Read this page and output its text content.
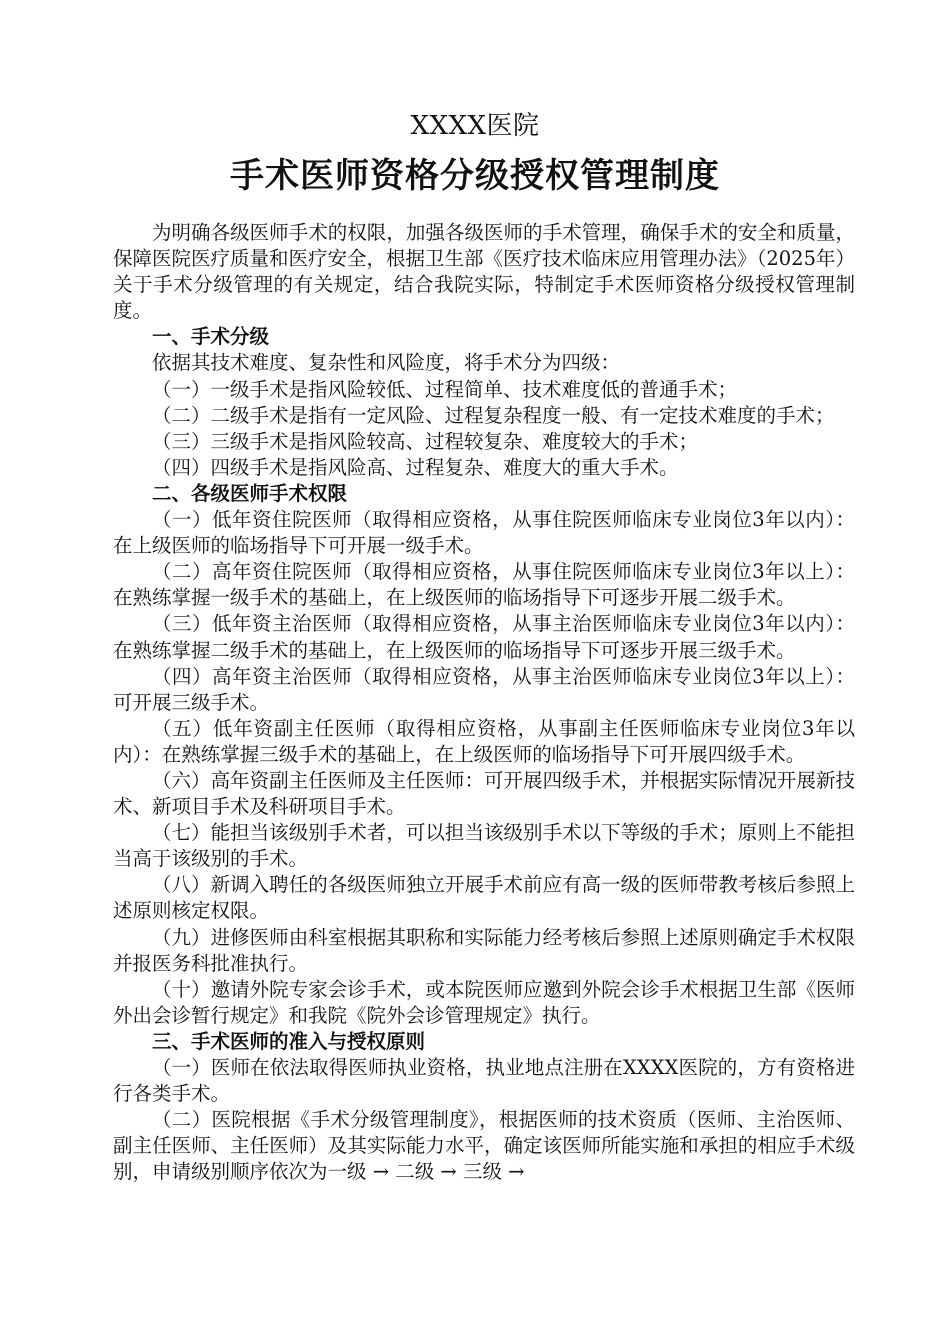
XXXX医院
手术医师资格分级授权管理制度

为明确各级医师手术的权限，加强各级医师的手术管理，确保手术的安全和质量，保障医院医疗质量和医疗安全，根据卫生部《医疗技术临床应用管理办法》（2025年）关于手术分级管理的有关规定，结合我院实际，特制定手术医师资格分级授权管理制度。

一、手术分级

依据其技术难度、复杂性和风险度，将手术分为四级：

（一）一级手术是指风险较低、过程简单、技术难度低的普通手术；

（二）二级手术是指有一定风险、过程复杂程度一般、有一定技术难度的手术；

（三）三级手术是指风险较高、过程较复杂、难度较大的手术；

（四）四级手术是指风险高、过程复杂、难度大的重大手术。

二、各级医师手术权限

（一）低年资住院医师（取得相应资格，从事住院医师临床专业岗位3年以内）：在上级医师的临场指导下可开展一级手术。

（二）高年资住院医师（取得相应资格，从事住院医师临床专业岗位3年以上）：在熟练掌握一级手术的基础上，在上级医师的临场指导下可逐步开展二级手术。

（三）低年资主治医师（取得相应资格，从事主治医师临床专业岗位3年以内）：在熟练掌握二级手术的基础上，在上级医师的临场指导下可逐步开展三级手术。

（四）高年资主治医师（取得相应资格，从事主治医师临床专业岗位3年以上）：可开展三级手术。

（五）低年资副主任医师（取得相应资格，从事副主任医师临床专业岗位3年以内）：在熟练掌握三级手术的基础上，在上级医师的临场指导下可开展四级手术。

（六）高年资副主任医师及主任医师：可开展四级手术，并根据实际情况开展新技术、新项目手术及科研项目手术。

（七）能担当该级别手术者，可以担当该级别手术以下等级的手术；原则上不能担当高于该级别的手术。

（八）新调入聘任的各级医师独立开展手术前应有高一级的医师带教考核后参照上述原则核定权限。

（九）进修医师由科室根据其职称和实际能力经考核后参照上述原则确定手术权限并报医务科批准执行。

（十）邀请外院专家会诊手术，或本院医师应邀到外院会诊手术根据卫生部《医师外出会诊暂行规定》和我院《院外会诊管理规定》执行。

三、手术医师的准入与授权原则

（一）医师在依法取得医师执业资格，执业地点注册在XXXX医院的，方有资格进行各类手术。

（二）医院根据《手术分级管理制度》，根据医师的技术资质（医师、主治医师、副主任医师、主任医师）及其实际能力水平，确定该医师所能实施和承担的相应手术级别，申请级别顺序依次为一级 → 二级 → 三级 →
